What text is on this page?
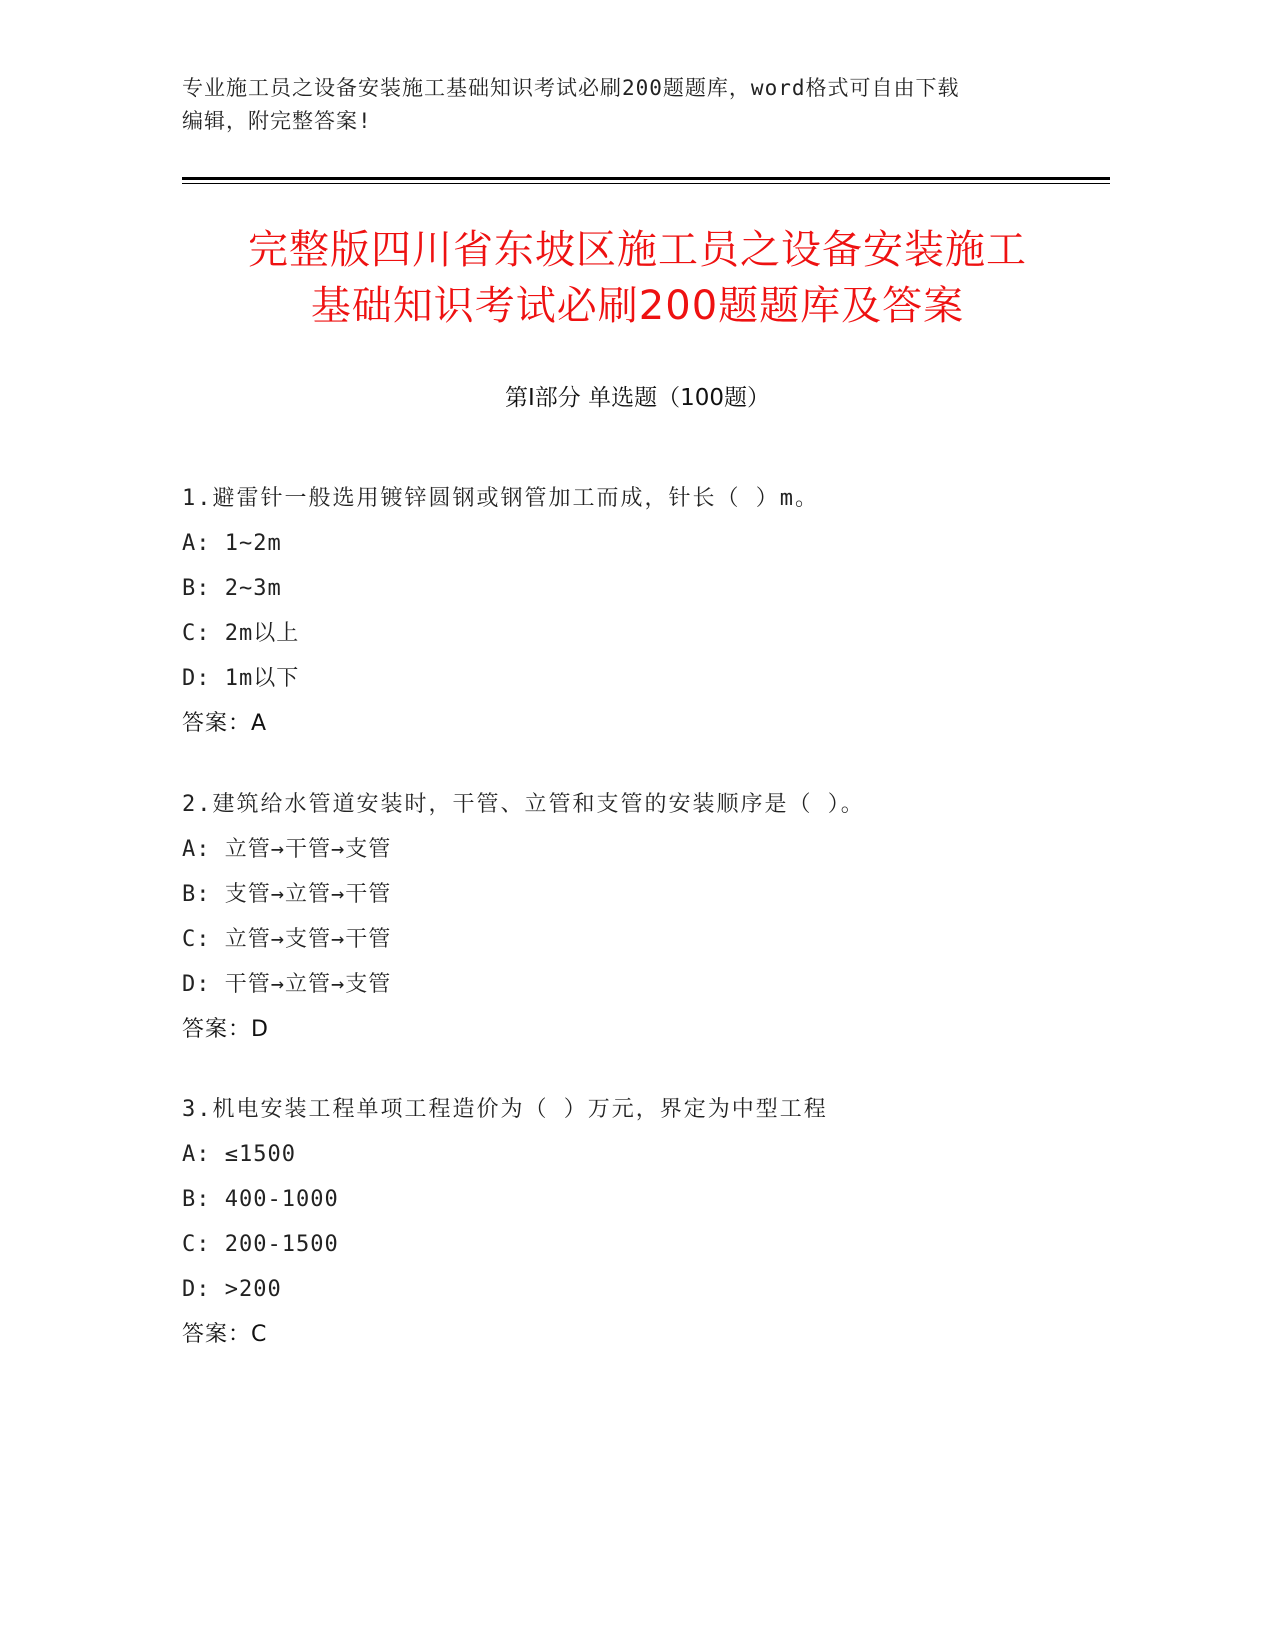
专业施工员之设备安装施工基础知识考试必刷200题题库，word格式可自由下载
编辑，附完整答案!
完整版四川省东坡区施工员之设备安装施工
基础知识考试必刷200题题库及答案
第Ⅰ部分 单选题（100题）
1.避雷针一般选用镀锌圆钢或钢管加工而成，针长（ ）m。
A: 1~2m
B: 2~3m
C: 2m以上
D: 1m以下
答案：A
2.建筑给水管道安装时，干管、立管和支管的安装顺序是（ ）。
A: 立管→干管→支管
B: 支管→立管→干管
C: 立管→支管→干管
D: 干管→立管→支管
答案：D
3.机电安装工程单项工程造价为（ ）万元，界定为中型工程
A: ≤1500
B: 400-1000
C: 200-1500
D: >200
答案：C
